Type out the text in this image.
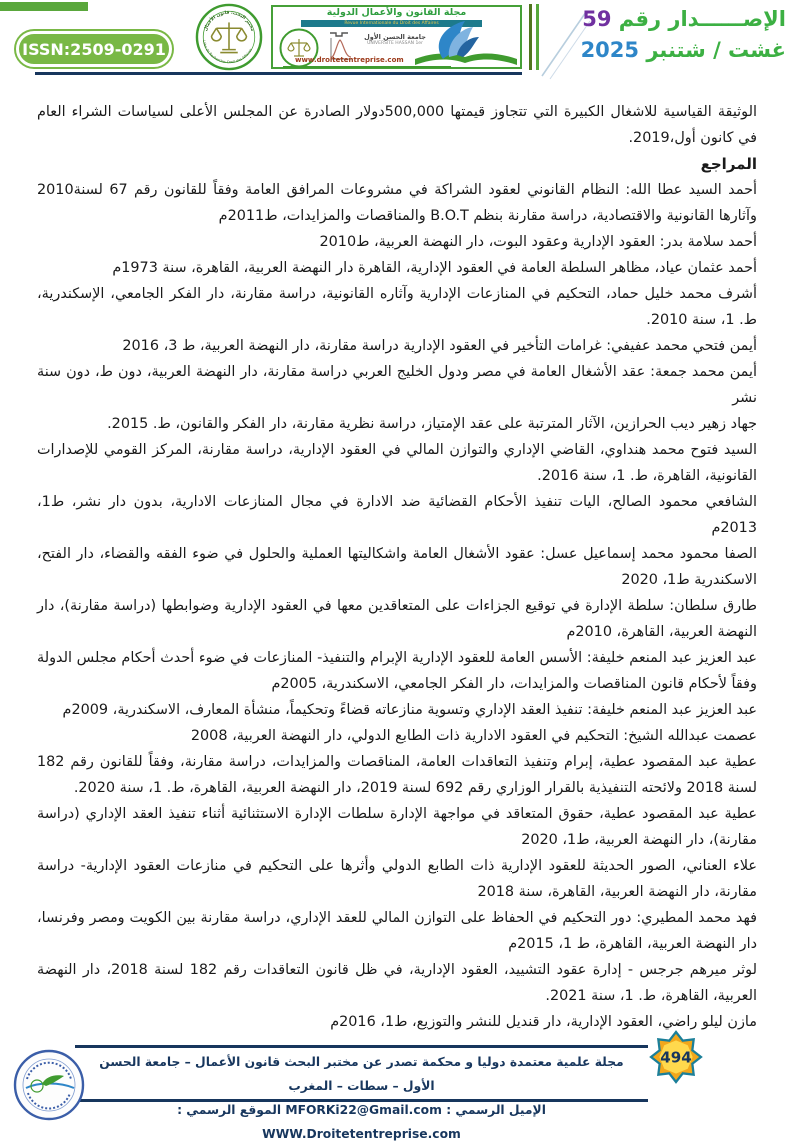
ISSN:2509-0291
مختبر البحث: قانون الأعمال
Labo de Recherche: Droit des Affaires
مجلة القانون والأعمال الدولية
Revue Internationale du Droit des Affaires
جامعة الحسن الأول
UNIVERSITE HASSAN 1er
www.droitetentreprise.com
الإصــــــدار رقم 59
غشت / شتنبر 2025

الوثيقة القياسية للاشغال الكبيرة التي تتجاوز قيمتها 500,000دولار الصادرة عن المجلس الأعلى لسياسات الشراء العام في كانون أول،2019.

المراجع

أحمد السيد عطا الله: النظام القانوني لعقود الشراكة في مشروعات المرافق العامة وفقاً للقانون رقم 67 لسنة2010 وآثارها القانونية والاقتصادية، دراسة مقارنة بنظم B.O.T والمناقصات والمزايدات، ط2011م

أحمد سلامة بدر: العقود الإدارية وعقود البوت، دار النهضة العربية، ط2010

أحمد عثمان عياد، مظاهر السلطة العامة في العقود الإدارية، القاهرة دار النهضة العربية، القاهرة، سنة 1973م

أشرف محمد خليل حماد، التحكيم في المنازعات الإدارية وآثاره القانونية، دراسة مقارنة، دار الفكر الجامعي، الإسكندرية، ط. 1، سنة 2010.

أيمن فتحي محمد عفيفي: غرامات التأخير في العقود الإدارية دراسة مقارنة، دار النهضة العربية، ط 3، 2016

أيمن محمد جمعة: عقد الأشغال العامة في مصر ودول الخليج العربي دراسة مقارنة، دار النهضة العربية، دون ط، دون سنة نشر

جهاد زهير ديب الحرازين، الآثار المترتبة على عقد الإمتياز، دراسة نظرية مقارنة، دار الفكر والقانون، ط. 2015.

السيد فتوح محمد هنداوي، القاضي الإداري والتوازن المالي في العقود الإدارية، دراسة مقارنة، المركز القومي للإصدارات القانونية، القاهرة، ط. 1، سنة 2016.

الشافعي محمود الصالح، اليات تنفيذ الأحكام القضائية ضد الادارة في مجال المنازعات الادارية، بدون دار نشر، ط1، 2013م

الصفا محمود محمد إسماعيل عسل: عقود الأشغال العامة واشكاليتها العملية والحلول في ضوء الفقه والقضاء، دار الفتح، الاسكندرية ط1، 2020

طارق سلطان: سلطة الإدارة في توقيع الجزاءات على المتعاقدين معها في العقود الإدارية وضوابطها (دراسة مقارنة)، دار النهضة العربية، القاهرة، 2010م

عبد العزيز عبد المنعم خليفة: الأسس العامة للعقود الإدارية الإبرام والتنفيذ- المنازعات في ضوء أحدث أحكام مجلس الدولة وفقاً لأحكام قانون المناقصات والمزايدات، دار الفكر الجامعي، الاسكندرية، 2005م

عبد العزيز عبد المنعم خليفة: تنفيذ العقد الإداري وتسوية منازعاته قضاءً وتحكيماً، منشأة المعارف، الاسكندرية، 2009م

عصمت عبدالله الشيخ: التحكيم في العقود الادارية ذات الطابع الدولي، دار النهضة العربية، 2008

عطية عبد المقصود عطية، إبرام وتنفيذ التعاقدات العامة، المناقصات والمزايدات، دراسة مقارنة، وفقاً للقانون رقم 182 لسنة 2018 ولائحته التنفيذية بالقرار الوزاري رقم 692 لسنة 2019، دار النهضة العربية، القاهرة، ط. 1، سنة 2020.

عطية عبد المقصود عطية، حقوق المتعاقد في مواجهة الإدارة سلطات الإدارة الاستثنائية أثناء تنفيذ العقد الإداري (دراسة مقارنة)، دار النهضة العربية، ط1، 2020

علاء العناني، الصور الحديثة للعقود الإدارية ذات الطابع الدولي وأثرها على التحكيم في منازعات العقود الإدارية- دراسة مقارنة، دار النهضة العربية، القاهرة، سنة 2018

فهد محمد المطيري: دور التحكيم في الحفاظ على التوازن المالي للعقد الإداري، دراسة مقارنة بين الكويت ومصر وفرنسا، دار النهضة العربية، القاهرة، ط 1، 2015م

لوثر ميرهم جرجس - إدارة عقود التشييد، العقود الإدارية، في ظل قانون التعاقدات رقم 182 لسنة 2018، دار النهضة العربية، القاهرة، ط. 1، سنة 2021.

مازن ليلو راضي، العقود الإدارية، دار قنديل للنشر والتوزيع، ط1، 2016م

مجلة علمية معتمدة دوليا و محكمة تصدر عن مختبر البحث قانون الأعمال – جامعة الحسن الأول – سطات – المغرب
الإميل الرسمي : MFORKi22@Gmail.com الموقع الرسمي : WWW.Droitetentreprise.com
494
